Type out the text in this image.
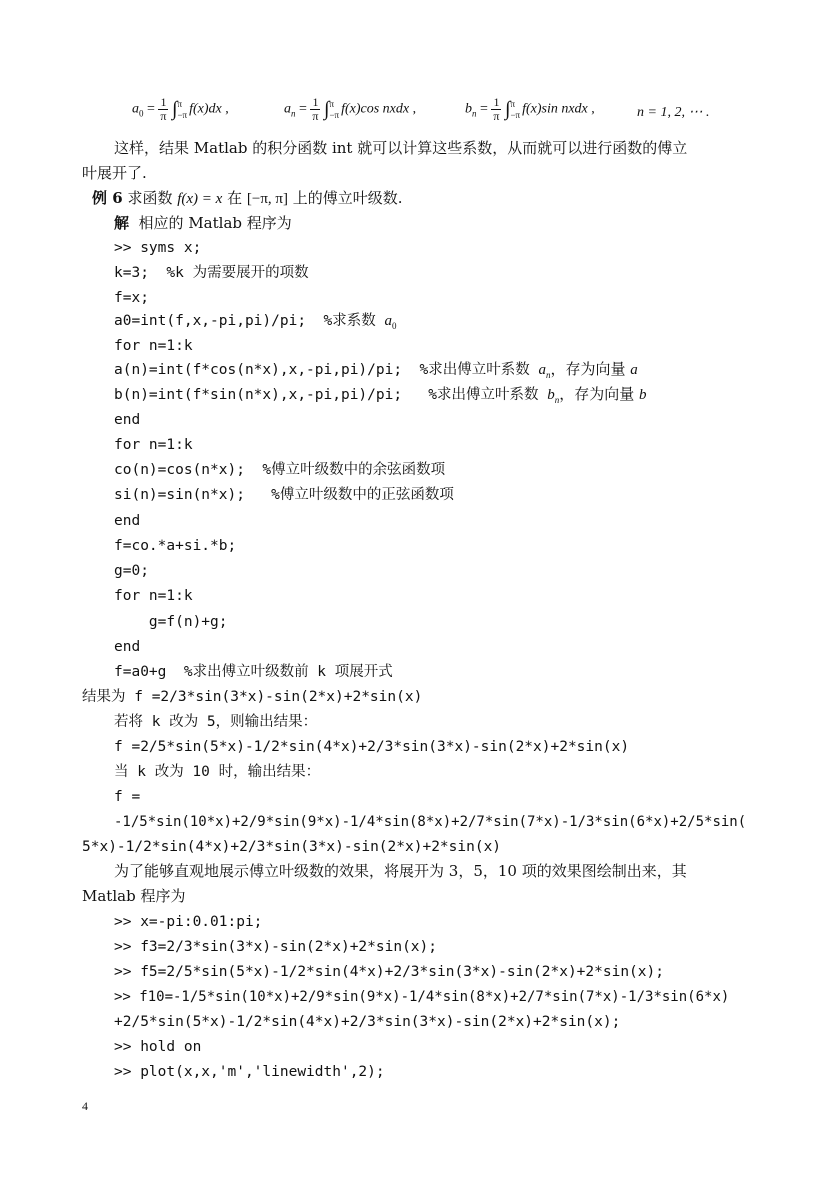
$a_0 = \frac{1}{\pi}$ ∫ π
−π f(x)dx ,	$a_n = \frac{1}{\pi}$ ∫ π
−π f(x)cos nxdx ,	$b_n = \frac{1}{\pi}$ ∫ π
−π f(x)sin nxdx ,	n = 1, 2, ⋯ .
这样，结果 Matlab 的积分函数 int 就可以计算这些系数，从而就可以进行函数的傅立
叶展开了.
例 6 求函数 f(x) = x 在 [−π, π] 上的傅立叶级数.
解  相应的 Matlab 程序为
>> syms x;
k=3;  %k 为需要展开的项数
f=x;
a0=int(f,x,-pi,pi)/pi;  %求系数 $a_0$
for n=1:k
a(n)=int(f*cos(n*x),x,-pi,pi)/pi;  %求出傅立叶系数 $a_n$，存为向量 a
b(n)=int(f*sin(n*x),x,-pi,pi)/pi;   %求出傅立叶系数 $b_n$，存为向量 b
end
for n=1:k
co(n)=cos(n*x);  %傅立叶级数中的余弦函数项
si(n)=sin(n*x);   %傅立叶级数中的正弦函数项
end
f=co.*a+si.*b;
g=0;
for n=1:k
g=f(n)+g;
end
f=a0+g  %求出傅立叶级数前 k 项展开式
结果为 f =2/3*sin(3*x)-sin(2*x)+2*sin(x)
若将 k 改为 5，则输出结果：
f =2/5*sin(5*x)-1/2*sin(4*x)+2/3*sin(3*x)-sin(2*x)+2*sin(x)
当 k 改为 10 时，输出结果：
f =
-1/5*sin(10*x)+2/9*sin(9*x)-1/4*sin(8*x)+2/7*sin(7*x)-1/3*sin(6*x)+2/5*sin(
5*x)-1/2*sin(4*x)+2/3*sin(3*x)-sin(2*x)+2*sin(x)
为了能够直观地展示傅立叶级数的效果，将展开为 3，5，10 项的效果图绘制出来，其
Matlab 程序为
>> x=-pi:0.01:pi;
>> f3=2/3*sin(3*x)-sin(2*x)+2*sin(x);
>> f5=2/5*sin(5*x)-1/2*sin(4*x)+2/3*sin(3*x)-sin(2*x)+2*sin(x);
>> f10=-1/5*sin(10*x)+2/9*sin(9*x)-1/4*sin(8*x)+2/7*sin(7*x)-1/3*sin(6*x)
+2/5*sin(5*x)-1/2*sin(4*x)+2/3*sin(3*x)-sin(2*x)+2*sin(x);
>> hold on
>> plot(x,x,'m','linewidth',2);
4
